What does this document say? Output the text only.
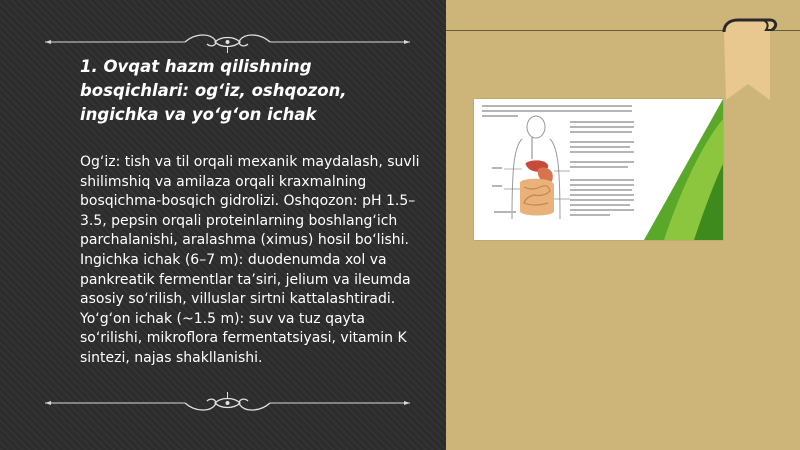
1. Ovqat hazm qilishning bosqichlari: og‘iz, oshqozon, ingichka va yo‘g‘on ichak

Og‘iz: tish va til orqali mexanik maydalash, suvli shilimshiq va amilaza orqali kraxmalning bosqichma-bosqich gidrolizi. Oshqozon: pH 1.5–3.5, pepsin orqali proteinlarning boshlang‘ich parchalanishi, aralashma (ximus) hosil bo‘lishi. Ingichka ichak (6–7 m): duodenumda xol va pankreatik fermentlar ta’siri, jelium va ileumda asosiy so‘rilish, villuslar sirtni kattalashtiradi. Yo‘g‘on ichak (~1.5 m): suv va tuz qayta so‘rilishi, mikroflora fermentatsiyasi, vitamin K sintezi, najas shakllanishi.
